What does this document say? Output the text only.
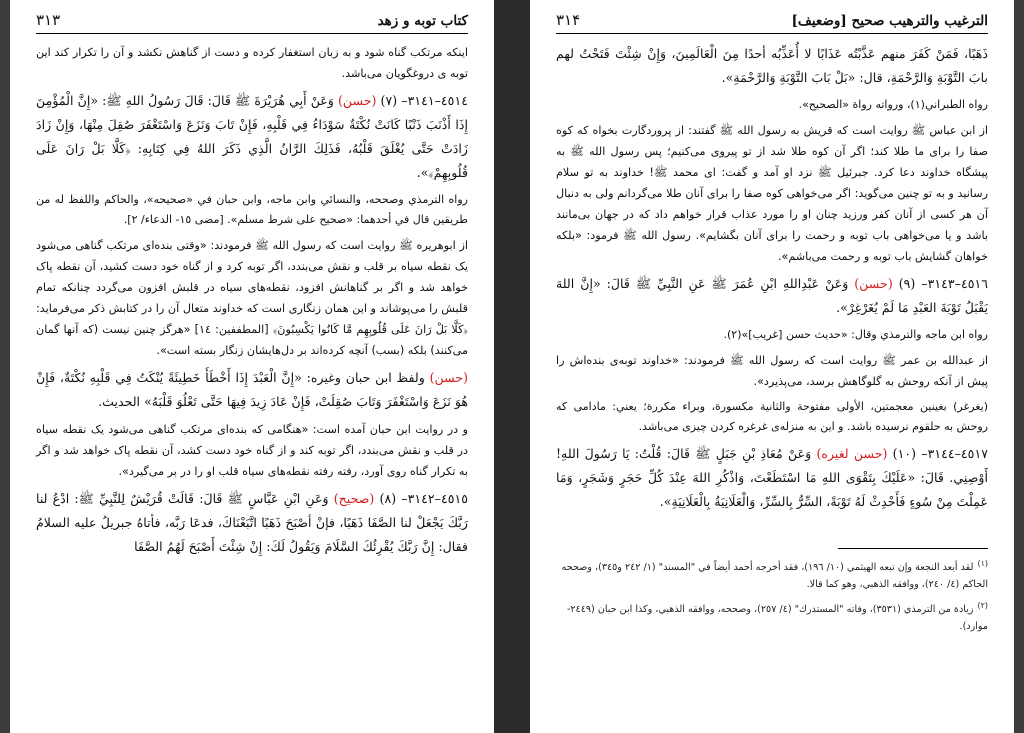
کتاب توبه و زهد
۳۱۳

اینکه مرتکب گناه شود و به زبان استغفار کرده و دست از گناهش نکشد و آن را تکرار کند این توبه ی دروغگویان می‌باشد.

٤٥١٤–٣١٤١– (٧) (حسن) وَعَنْ أَبِي هُرَيْرَةَ ﷺ قَالَ: قَالَ رَسُولُ اللهِ ﷺ: «إِنَّ الْمُؤْمِنَ إِذَا أَذْنَبَ ذَنْبًا كَانَتْ نُكْتَةٌ سَوْدَاءُ فِي قَلْبِهِ، فَإِنْ تَابَ وَنَزَعَ وَاسْتَغْفَرَ صُقِلَ مِنْهَا، وَإِنْ زَادَ زَادَتْ حَتَّى يُغْلَقَ قَلْبُهُ، فَذَلِكَ الرَّانُ الَّذِي ذَكَرَ اللهُ فِي كِتَابِهِ: ﴿كَلَّا بَلْ رَانَ عَلَى قُلُوبِهِمْ﴾».

رواه الترمذي وصححه، والنسائي وابن ماجه، وابن حبان في «صحيحه»، والحاكم واللفظ له من طريقين قال في أحدهما: «صحيح على شرط مسلم». [مضى ١٥- الدعاء/ ٢].

از ابوهریره ﷺ روایت است که رسول الله ﷺ فرمودند: «وقتی بنده‌ای مرتکب گناهی می‌شود یک نقطه سیاه بر قلب و نقش می‌بندد، اگر توبه کرد و از گناه خود دست کشید، آن نقطه پاک خواهد شد و اگر بر گناهانش افزود، نقطه‌های سیاه در قلبش افزون می‌گردد چنانکه تمام قلبش را می‌پوشاند و این همان زنگاری است که خداوند متعال آن را در کتابش ذکر می‌فرماید: ﴿كَلَّا بَلْ رَانَ عَلَى قُلُوبِهِم مَّا كَانُوا يَكْسِبُونَ﴾ [المطففين: ١٤] «هرگز چنین نیست (که آنها گمان می‌کنند) بلکه (بسب) آنچه کرده‌اند بر دل‌هایشان زنگار بسته است».

(حسن) ولفظ ابن حبان وغيره: «إِنَّ الْعَبْدَ إِذَا أَخْطَأَ خَطِيئَةً يُنْكَتُ فِي قَلْبِهِ نُكْتَةٌ، فَإِنْ هُوَ نَزَعَ وَاسْتَغْفَرَ وَتَابَ صُقِلَتْ، فَإِنْ عَادَ زِيدَ فِيهَا حَتَّى تَعْلُوَ قَلْبَهُ» الحديث.

و در روایت ابن حبان آمده است: «هنگامی که بنده‌ای مرتکب گناهی می‌شود یک نقطه سیاه در قلب و نقش می‌بندد، اگر توبه کند و از گناه خود دست کشد، آن نقطه پاک خواهد شد و اگر به تکرار گناه روی آورد، رفته رفته نقطه‌های سیاه قلب او را در بر می‌گیرد».

٤٥١٥–٣١٤٢– (٨) (صحيح) وَعَنِ ابْنِ عَبَّاسٍ ﷺ قَالَ: قَالَتْ قُرَيْشٌ لِلنَّبِيِّ ﷺ: ادْعُ لنا رَبَّكَ يَجْعَلْ لنا الصَّفَا ذَهَبًا، فإنْ أصْبَحَ ذَهَبًا اتَّبَعْنَاكَ، فدعَا رَبَّه، فأتاهُ جبريلُ عليه السلامُ فقال: إِنَّ رَبَّكَ يُقْرِئُكَ السَّلَامَ وَيَقُولُ لَكَ: إِنْ شِئْتَ أَصْبَحَ لَهُمُ الصَّفَا

الترغيب والترهيب صحيح [وضعيف]
۳۱۴

ذَهَبًا، فَمَنْ كَفَرَ منهم عَذَّبْتُه عَذَابًا لا أُعَذِّبُه أحدًا مِنَ الْعَالَمِينَ، وَإِنْ شِئْتَ فَتَحْتُ لهم بابَ التَّوْبَةِ وَالرَّحْمَةِ، قال: «بَلْ بَابَ التَّوْبَةِ وَالرَّحْمَةِ».

رواه الطبراني(١)، ورواته رواة «الصحيح».

از ابن عباس ﷺ روایت است که قریش به رسول الله ﷺ گفتند: از پروردگارت بخواه که کوه صفا را برای ما طلا کند؛ اگر آن کوه طلا شد از تو پیروی می‌کنیم؛ پس رسول الله ﷺ به پیشگاه خداوند دعا کرد. جبرئیل ﷺ نزد او آمد و گفت: ای محمد ﷺ! خداوند به تو سلام رسانید و به تو چنین می‌گوید: اگر می‌خواهی کوه صفا را برای آنان طلا می‌گردانم ولی به دنبال آن هر کسی از آنان کفر ورزید چنان او را مورد عذاب قرار خواهم داد که در جهان بی‌مانند باشد و یا می‌خواهی باب توبه و رحمت را برای آنان بگشایم». رسول الله ﷺ فرمود: «بلکه خواهان گشایش باب توبه و رحمت می‌باشم».

٤٥١٦–٣١٤٣– (٩) (حسن) وَعَنْ عَبْدِاللهِ ابْنِ عُمَرَ ﷺ عَنِ النَّبِيِّ ﷺ قَالَ: «إِنَّ اللهَ يَقْبَلُ تَوْبَةَ العَبْدِ مَا لَمْ يُغَرْغِرْ».

رواه ابن ماجه والترمذي وقال: «حديث حسن [غريب]»(٢).

از عبدالله بن عمر ﷺ روایت است که رسول الله ﷺ فرمودند: «خداوند توبه‌ی بنده‌اش را پیش از آنکه روحش به گلوگاهش برسد، می‌پذیرد».

(يغرغر) بغينين معجمتين، الأولى مفتوحة والثانية مكسورة، وبراء مكررة؛ يعني: مادامی که روحش به حلقوم نرسیده باشد. و این به منزله‌ی غرغره کردن چیزی می‌باشد.

٤٥١٧–٣١٤٤– (١٠) (حسن لغيره) وَعَنْ مُعَاذِ بْنِ جَبَلٍ ﷺ قَالَ: قُلْتُ: يَا رَسُولَ اللهِ! أَوْصِنِي. قَالَ: «عَلَيْكَ بِتَقْوَى اللهِ مَا اسْتَطَعْتَ، وَاذْكُرِ اللهَ عِنْدَ كُلِّ حَجَرٍ وَشَجَرٍ، وَمَا عَمِلْتَ مِنْ سُوءٍ فَأَحْدِثْ لَهُ تَوْبَةً، السِّرُّ بِالسِّرِّ، وَالْعَلَانِيَةُ بِالْعَلَانِيَةِ».

$^{(١)}$لقد أبعد النجعة وإن تبعه الهيثمي (١٠/ ١٩٦)، فقد أخرجه أحمد أيضاً في "المسند" (١/ ٢٤٢ و٣٤٥)، وصححه الحاكم (٤/ ٢٤٠)، ووافقه الذهبي، وهو كما قالا.

$^{(٢)}$زيادة من الترمذي (٣٥٣١)، وفاته "المستدرك" (٤/ ٢٥٧)، وصححه، ووافقه الذهبي، وكذا ابن حبان (٢٤٤٩- موارد).
